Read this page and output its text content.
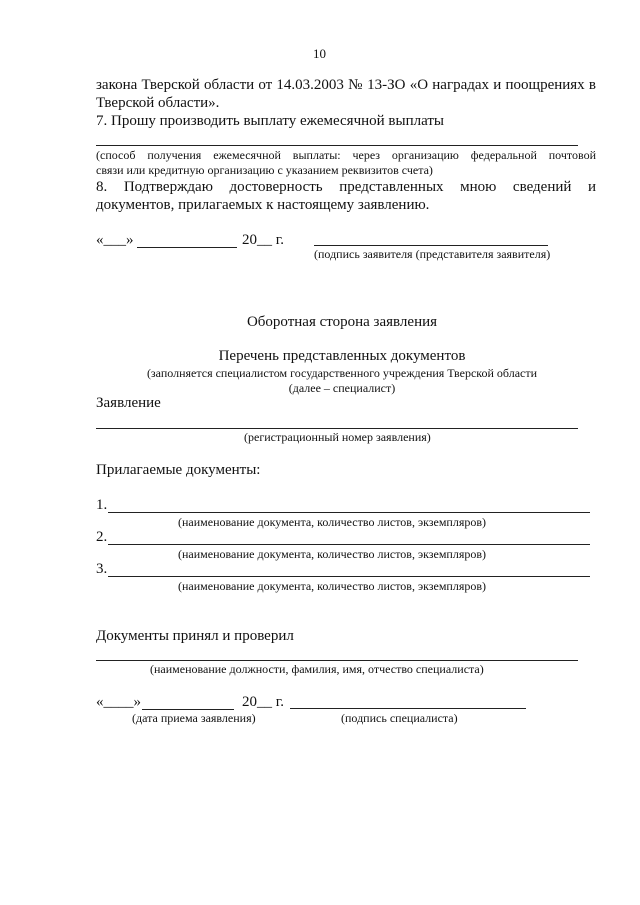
10
закона Тверской области от 14.03.2003 № 13-ЗО «О наградах и поощрениях в
Тверской области».
7. Прошу производить выплату ежемесячной выплаты
(способ получения ежемесячной выплаты: через организацию федеральной почтовой
связи или кредитную организацию с указанием реквизитов счета)
8. Подтверждаю достоверность представленных мною сведений и
документов, прилагаемых к настоящему заявлению.
«___»	20__ г.
(подпись заявителя (представителя заявителя)
Оборотная сторона заявления
Перечень представленных документов
(заполняется специалистом государственного учреждения Тверской области
(далее – специалист)
Заявление
(регистрационный номер заявления)
Прилагаемые документы:
1.
(наименование документа, количество листов, экземпляров)
2.
(наименование документа, количество листов, экземпляров)
3.
(наименование документа, количество листов, экземпляров)
Документы принял и проверил
(наименование должности, фамилия, имя, отчество специалиста)
«____»	20__ г.
(дата приема заявления)	(подпись специалиста)
